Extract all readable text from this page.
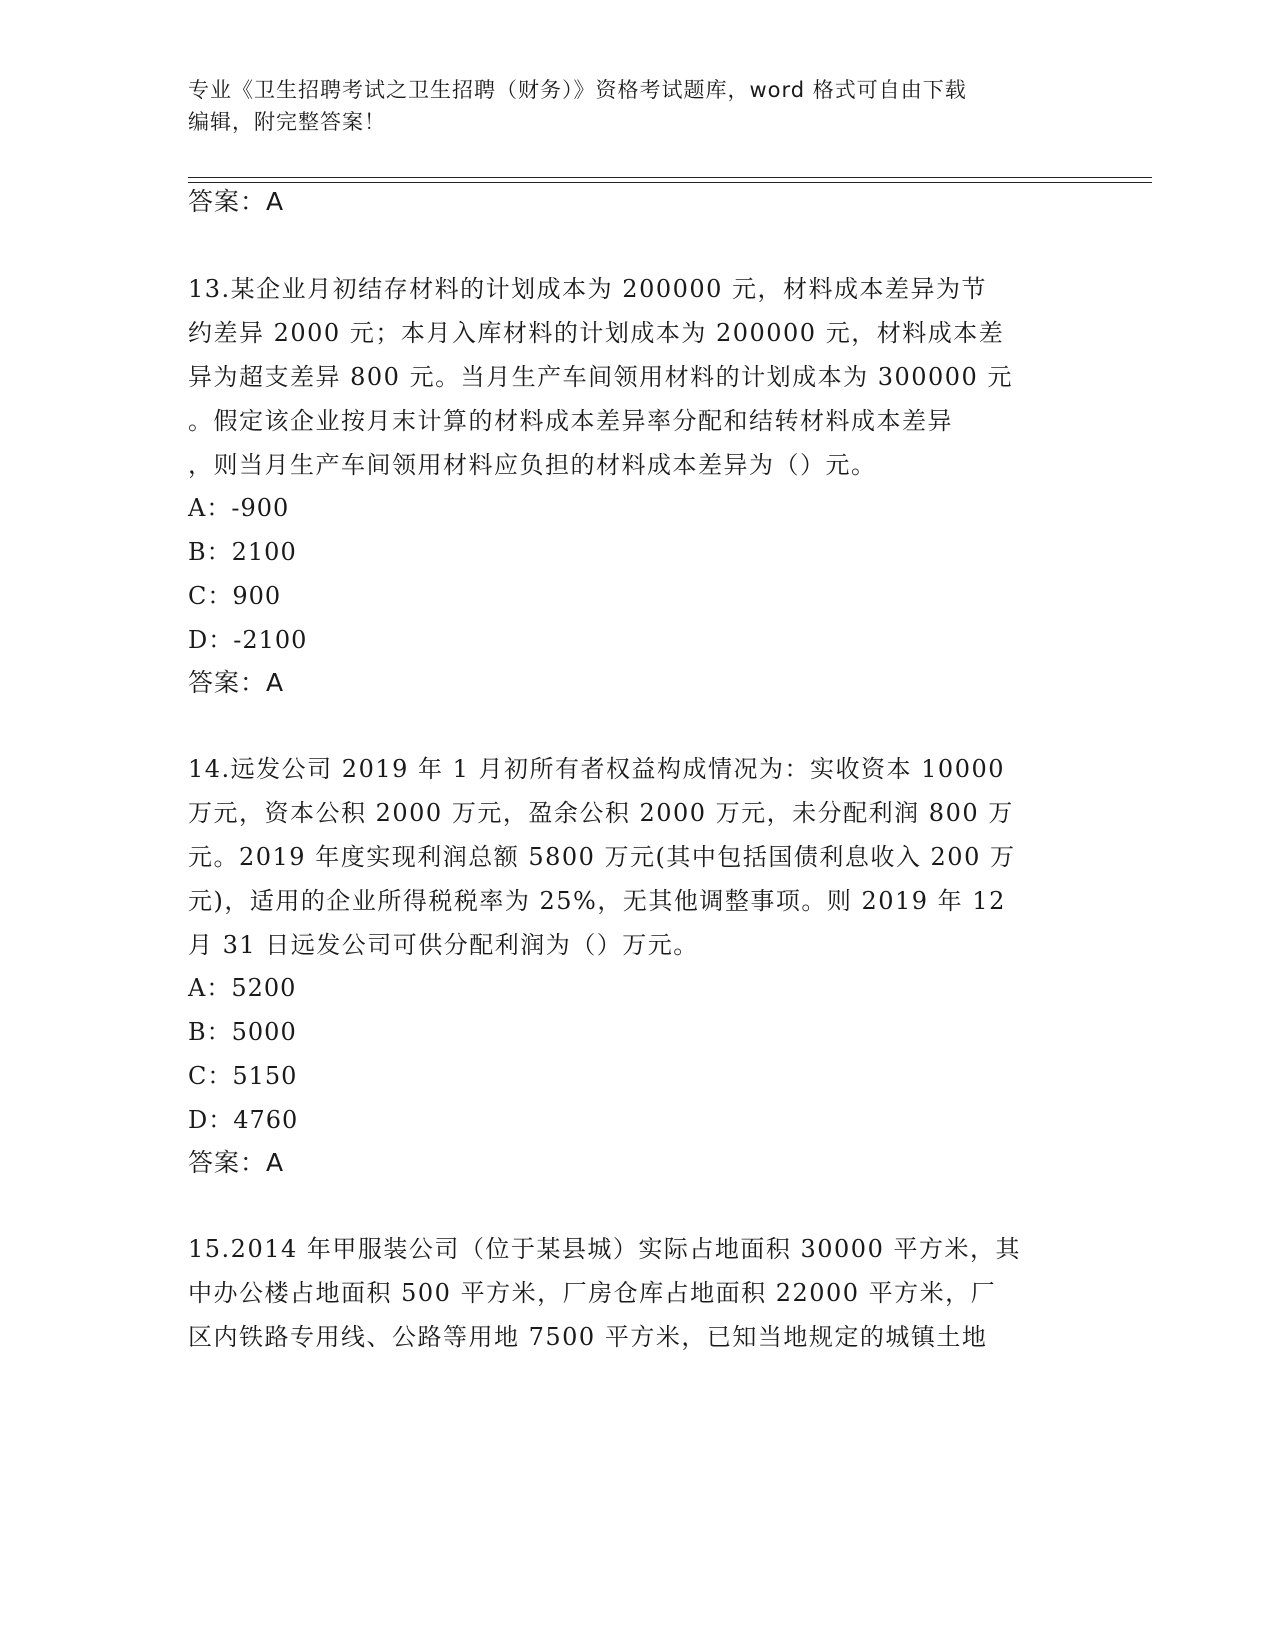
专业《卫生招聘考试之卫生招聘（财务）》资格考试题库，word 格式可自由下载
编辑，附完整答案！
答案：A
13.某企业月初结存材料的计划成本为 200000 元，材料成本差异为节
约差异 2000 元；本月入库材料的计划成本为 200000 元，材料成本差
异为超支差异 800 元。当月生产车间领用材料的计划成本为 300000 元
。假定该企业按月末计算的材料成本差异率分配和结转材料成本差异
，则当月生产车间领用材料应负担的材料成本差异为（）元。
A：-900
B：2100
C：900
D：-2100
答案：A
14.远发公司 2019 年 1 月初所有者权益构成情况为：实收资本 10000
万元，资本公积 2000 万元，盈余公积 2000 万元，未分配利润 800 万
元。2019 年度实现利润总额 5800 万元(其中包括国债利息收入 200 万
元)，适用的企业所得税税率为 25%，无其他调整事项。则 2019 年 12
月 31 日远发公司可供分配利润为（）万元。
A：5200
B：5000
C：5150
D：4760
答案：A
15.2014 年甲服装公司（位于某县城）实际占地面积 30000 平方米，其
中办公楼占地面积 500 平方米，厂房仓库占地面积 22000 平方米，厂
区内铁路专用线、公路等用地 7500 平方米，已知当地规定的城镇土地
